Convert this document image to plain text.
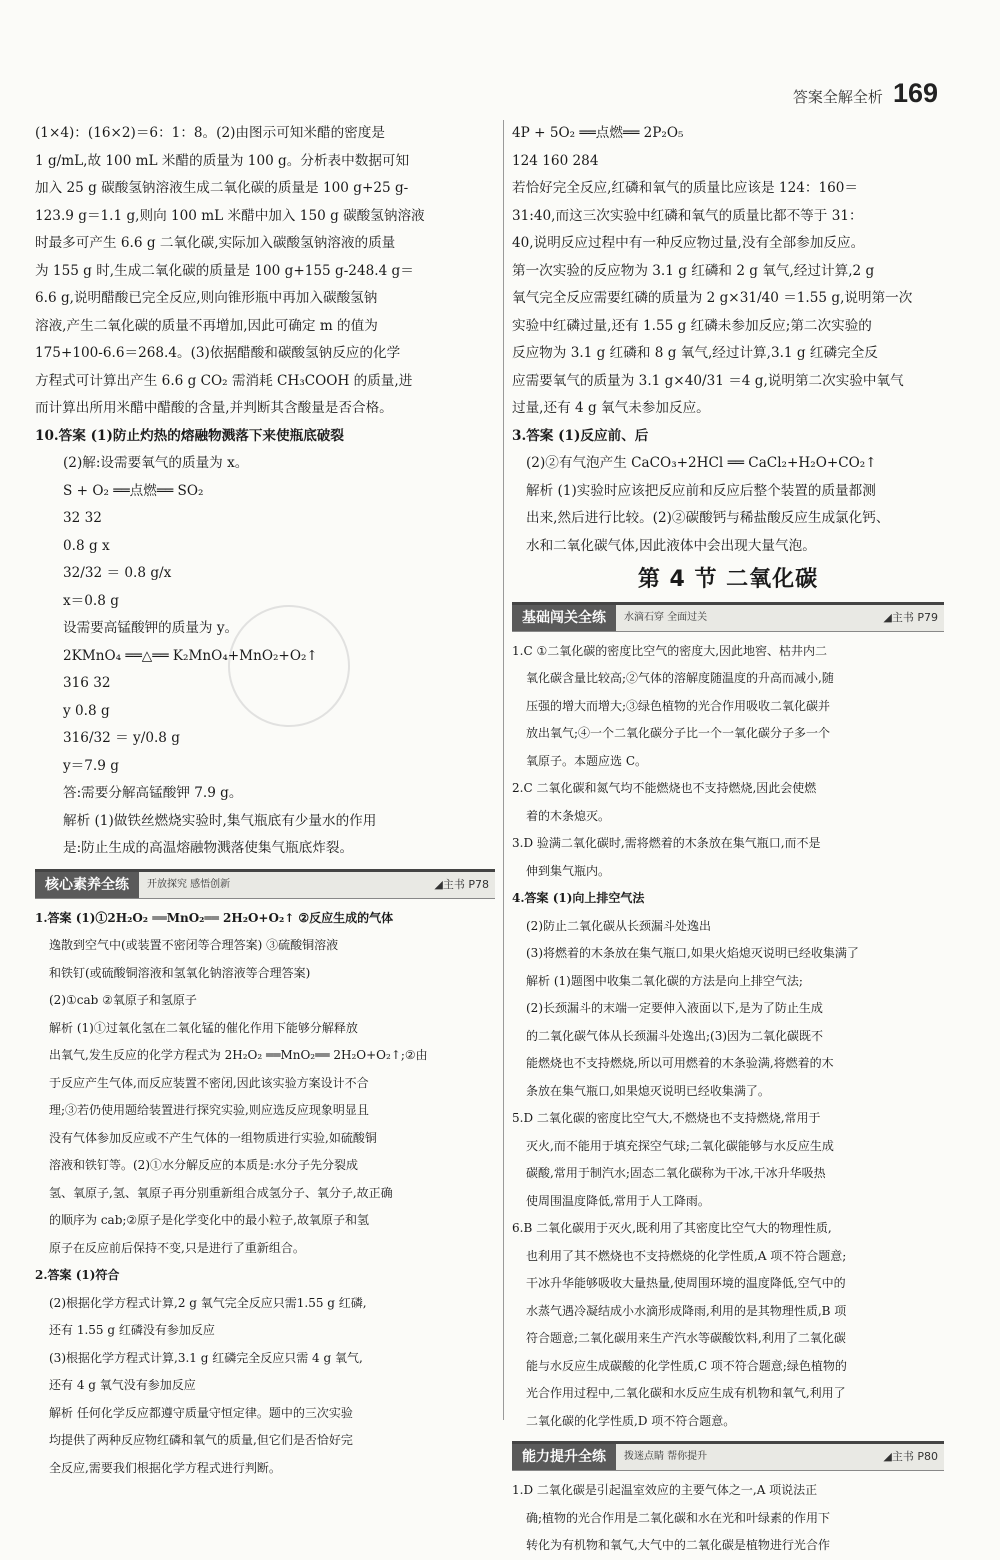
答案全解全析 169

(1×4)：(16×2)＝6：1：8。(2)由图示可知米醋的密度是

1 g/mL,故 100 mL 米醋的质量为 100 g。分析表中数据可知

加入 25 g 碳酸氢钠溶液生成二氧化碳的质量是 100 g+25 g-

123.9 g＝1.1 g,则向 100 mL 米醋中加入 150 g 碳酸氢钠溶液

时最多可产生 6.6 g 二氧化碳,实际加入碳酸氢钠溶液的质量

为 155 g 时,生成二氧化碳的质量是 100 g+155 g-248.4 g＝

6.6 g,说明醋酸已完全反应,则向锥形瓶中再加入碳酸氢钠

溶液,产生二氧化碳的质量不再增加,因此可确定 m 的值为

175+100-6.6＝268.4。(3)依据醋酸和碳酸氢钠反应的化学

方程式可计算出产生 6.6 g CO₂ 需消耗 CH₃COOH 的质量,进

而计算出所用米醋中醋酸的含量,并判断其含酸量是否合格。

10.答案 (1)防止灼热的熔融物溅落下来使瓶底破裂

(2)解:设需要氧气的质量为 x。

S + O₂ ══点燃══ SO₂

32 32

0.8 g x

32/32 ＝ 0.8 g/x

x＝0.8 g

设需要高锰酸钾的质量为 y。

2KMnO₄ ══△══ K₂MnO₄+MnO₂+O₂↑

316 32

y 0.8 g

316/32 ＝ y/0.8 g

y＝7.9 g

答:需要分解高锰酸钾 7.9 g。

解析 (1)做铁丝燃烧实验时,集气瓶底有少量水的作用

是:防止生成的高温熔融物溅落使集气瓶底炸裂。

核心素养全练	开放探究 感悟创新	◢主书 P78

1.答案 (1)①2H₂O₂ ══MnO₂══ 2H₂O+O₂↑ ②反应生成的气体

逸散到空气中(或装置不密闭等合理答案) ③硫酸铜溶液

和铁钉(或硫酸铜溶液和氢氧化钠溶液等合理答案)

(2)①cab ②氧原子和氢原子

解析 (1)①过氧化氢在二氧化锰的催化作用下能够分解释放

出氧气,发生反应的化学方程式为 2H₂O₂ ══MnO₂══ 2H₂O+O₂↑;②由

于反应产生气体,而反应装置不密闭,因此该实验方案设计不合

理;③若仍使用题给装置进行探究实验,则应选反应现象明显且

没有气体参加反应或不产生气体的一组物质进行实验,如硫酸铜

溶液和铁钉等。(2)①水分解反应的本质是:水分子先分裂成

氢、氧原子,氢、氧原子再分别重新组合成氢分子、氧分子,故正确

的顺序为 cab;②原子是化学变化中的最小粒子,故氧原子和氢

原子在反应前后保持不变,只是进行了重新组合。

2.答案 (1)符合

(2)根据化学方程式计算,2 g 氧气完全反应只需1.55 g 红磷,

还有 1.55 g 红磷没有参加反应

(3)根据化学方程式计算,3.1 g 红磷完全反应只需 4 g 氧气,

还有 4 g 氧气没有参加反应

解析 任何化学反应都遵守质量守恒定律。题中的三次实验

均提供了两种反应物红磷和氧气的质量,但它们是否恰好完

全反应,需要我们根据化学方程式进行判断。

4P + 5O₂ ══点燃══ 2P₂O₅

124 160 284

若恰好完全反应,红磷和氧气的质量比应该是 124：160＝

31:40,而这三次实验中红磷和氧气的质量比都不等于 31：

40,说明反应过程中有一种反应物过量,没有全部参加反应。

第一次实验的反应物为 3.1 g 红磷和 2 g 氧气,经过计算,2 g

氧气完全反应需要红磷的质量为 2 g×31/40 ＝1.55 g,说明第一次

实验中红磷过量,还有 1.55 g 红磷未参加反应;第二次实验的

反应物为 3.1 g 红磷和 8 g 氧气,经过计算,3.1 g 红磷完全反

应需要氧气的质量为 3.1 g×40/31 ＝4 g,说明第二次实验中氧气

过量,还有 4 g 氧气未参加反应。

3.答案 (1)反应前、后

(2)②有气泡产生 CaCO₃+2HCl ══ CaCl₂+H₂O+CO₂↑

解析 (1)实验时应该把反应前和反应后整个装置的质量都测

出来,然后进行比较。(2)②碳酸钙与稀盐酸反应生成氯化钙、

水和二氧化碳气体,因此液体中会出现大量气泡。

第 4 节 二氧化碳
基础闯关全练	水滴石穿 全面过关	◢主书 P79

1.C ①二氧化碳的密度比空气的密度大,因此地窖、枯井内二

氧化碳含量比较高;②气体的溶解度随温度的升高而减小,随

压强的增大而增大;③绿色植物的光合作用吸收二氧化碳并

放出氧气;④一个二氧化碳分子比一个一氧化碳分子多一个

氧原子。本题应选 C。

2.C 二氧化碳和氮气均不能燃烧也不支持燃烧,因此会使燃

着的木条熄灭。

3.D 验满二氧化碳时,需将燃着的木条放在集气瓶口,而不是

伸到集气瓶内。

4.答案 (1)向上排空气法

(2)防止二氧化碳从长颈漏斗处逸出

(3)将燃着的木条放在集气瓶口,如果火焰熄灭说明已经收集满了

解析 (1)题图中收集二氧化碳的方法是向上排空气法;

(2)长颈漏斗的末端一定要伸入液面以下,是为了防止生成

的二氧化碳气体从长颈漏斗处逸出;(3)因为二氧化碳既不

能燃烧也不支持燃烧,所以可用燃着的木条验满,将燃着的木

条放在集气瓶口,如果熄灭说明已经收集满了。

5.D 二氧化碳的密度比空气大,不燃烧也不支持燃烧,常用于

灭火,而不能用于填充探空气球;二氧化碳能够与水反应生成

碳酸,常用于制汽水;固态二氧化碳称为干冰,干冰升华吸热

使周围温度降低,常用于人工降雨。

6.B 二氧化碳用于灭火,既利用了其密度比空气大的物理性质,

也利用了其不燃烧也不支持燃烧的化学性质,A 项不符合题意;

干冰升华能够吸收大量热量,使周围环境的温度降低,空气中的

水蒸气遇冷凝结成小水滴形成降雨,利用的是其物理性质,B 项

符合题意;二氧化碳用来生产汽水等碳酸饮料,利用了二氧化碳

能与水反应生成碳酸的化学性质,C 项不符合题意;绿色植物的

光合作用过程中,二氧化碳和水反应生成有机物和氧气,利用了

二氧化碳的化学性质,D 项不符合题意。

能力提升全练	拨迷点睛 帮你提升	◢主书 P80

1.D 二氧化碳是引起温室效应的主要气体之一,A 项说法正

确;植物的光合作用是二氧化碳和水在光和叶绿素的作用下

转化为有机物和氧气,大气中的二氧化碳是植物进行光合作
